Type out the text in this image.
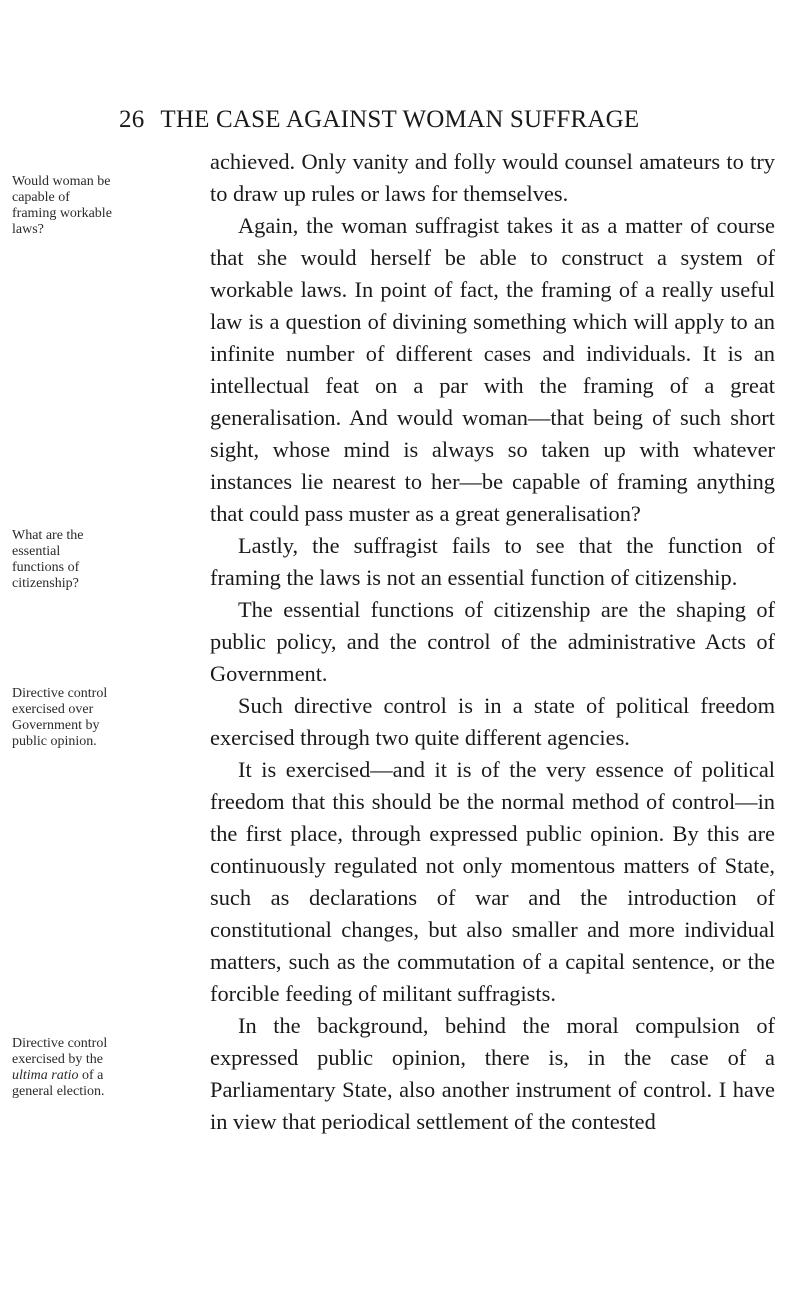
26 THE CASE AGAINST WOMAN SUFFRAGE
Would woman be capable of framing workable laws?
What are the essential functions of citizenship?
Directive control exercised over Government by public opinion.
Directive control exercised by the ultima ratio of a general election.

achieved. Only vanity and folly would counsel amateurs to try to draw up rules or laws for themselves.

Again, the woman suffragist takes it as a matter of course that she would herself be able to construct a system of workable laws. In point of fact, the framing of a really useful law is a question of divining something which will apply to an infinite number of different cases and individuals. It is an intellectual feat on a par with the framing of a great generalisation. And would woman—that being of such short sight, whose mind is always so taken up with whatever instances lie nearest to her—be capable of framing anything that could pass muster as a great generalisation?

Lastly, the suffragist fails to see that the function of framing the laws is not an essential function of citizenship.

The essential functions of citizenship are the shaping of public policy, and the control of the administrative Acts of Government.

Such directive control is in a state of political freedom exercised through two quite different agencies.

It is exercised—and it is of the very essence of political freedom that this should be the normal method of control—in the first place, through expressed public opinion. By this are continuously regulated not only momentous matters of State, such as declarations of war and the introduction of constitutional changes, but also smaller and more individual matters, such as the commutation of a capital sentence, or the forcible feeding of militant suffragists.

In the background, behind the moral compulsion of expressed public opinion, there is, in the case of a Parliamentary State, also another instrument of control. I have in view that periodical settlement of the contested
